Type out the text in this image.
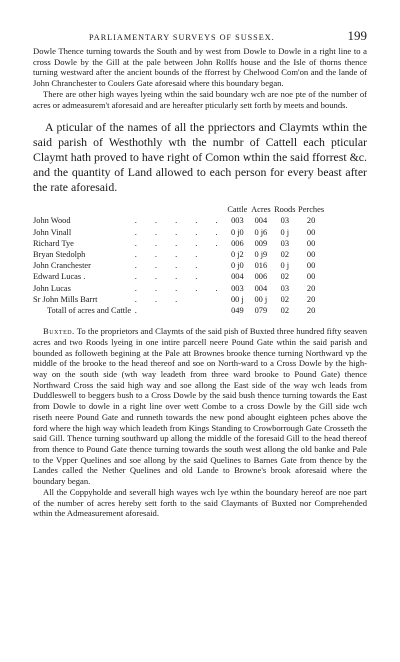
PARLIAMENTARY SURVEYS OF SUSSEX.	199

Dowle Thence turning towards the South and by west from Dowle to Dowle in a right line to a cross Dowle by the Gill at the pale between John Rollfs house and the Isle of thorns thence turning westward after the ancient bounds of the fforrest by Chelwood Com'on and the lande of John Chranchester to Coulers Gate aforesaid where this boundary began.

There are other high wayes lyeing wthin the said boundary wch are noe pte of the number of acres or admeasurem't aforesaid and are hereafter pticularly sett forth by meets and bounds.

A pticular of the names of all the ppriectors and Claymts wthin the said parish of Westhothly wth the numbr of Cattell each pticular Claymt hath proved to have right of Comon wthin the said fforrest &c. and the quantity of Land allowed to each person for every beast after the rate aforesaid.

		Cattle	Acres	Roods	Perches
John Wood	. . . . .	003	004	03	20
John Vinall	. . . . .	0 j0	0 j6	0 j	00
Richard Tye	. . . . .	006	009	03	00
Bryan Stedolph	. . . .	0 j2	0 j9	02	00
John Cranchester	. . . .	0 j0	016	0 j	00
Edward Lucas .	. . . .	004	006	02	00
John Lucas	. . . . .	003	004	03	20
Sr John Mills Barrt	. . .	00 j	00 j	02	20
Totall of acres and Cattle	.	049	079	02	20

Buxted. To the proprietors and Claymts of the said pish of Buxted three hundred fifty seaven acres and two Roods lyeing in one intire parcell neere Pound Gate wthin the said parish and bounded as followeth begining at the Pale att Brownes brooke thence turning Northward vp the middle of the brooke to the head thereof and soe on North-ward to a Cross Dowle by the high-way on the south side (wth way leadeth from three ward brooke to Pound Gate) thence Northward Cross the said high way and soe allong the East side of the way wch leads from Duddleswell to beggers bush to a Cross Dowle by the said bush thence turning towards the East from Dowle to dowle in a right line over wett Combe to a cross Dowle by the Gill side wch riseth neere Pound Gate and runneth towards the new pond abought eighteen pches above the ford where the high way which leadeth from Kings Standing to Crowborrough Gate Crosseth the said Gill. Thence turning southward up allong the middle of the foresaid Gill to the head thereof from thence to Pound Gate thence turning towards the south west allong the old banke and Pale to the Vpper Quelines and soe allong by the said Quelines to Barnes Gate from thence by the Landes called the Nether Quelines and old Lande to Browne's brook aforesaid where the boundary began.

All the Coppyholde and severall high wayes wch lye wthin the boundary hereof are noe part of the number of acres hereby sett forth to the said Claymants of Buxted nor Comprehended wthin the Admeasurement aforesaid.
